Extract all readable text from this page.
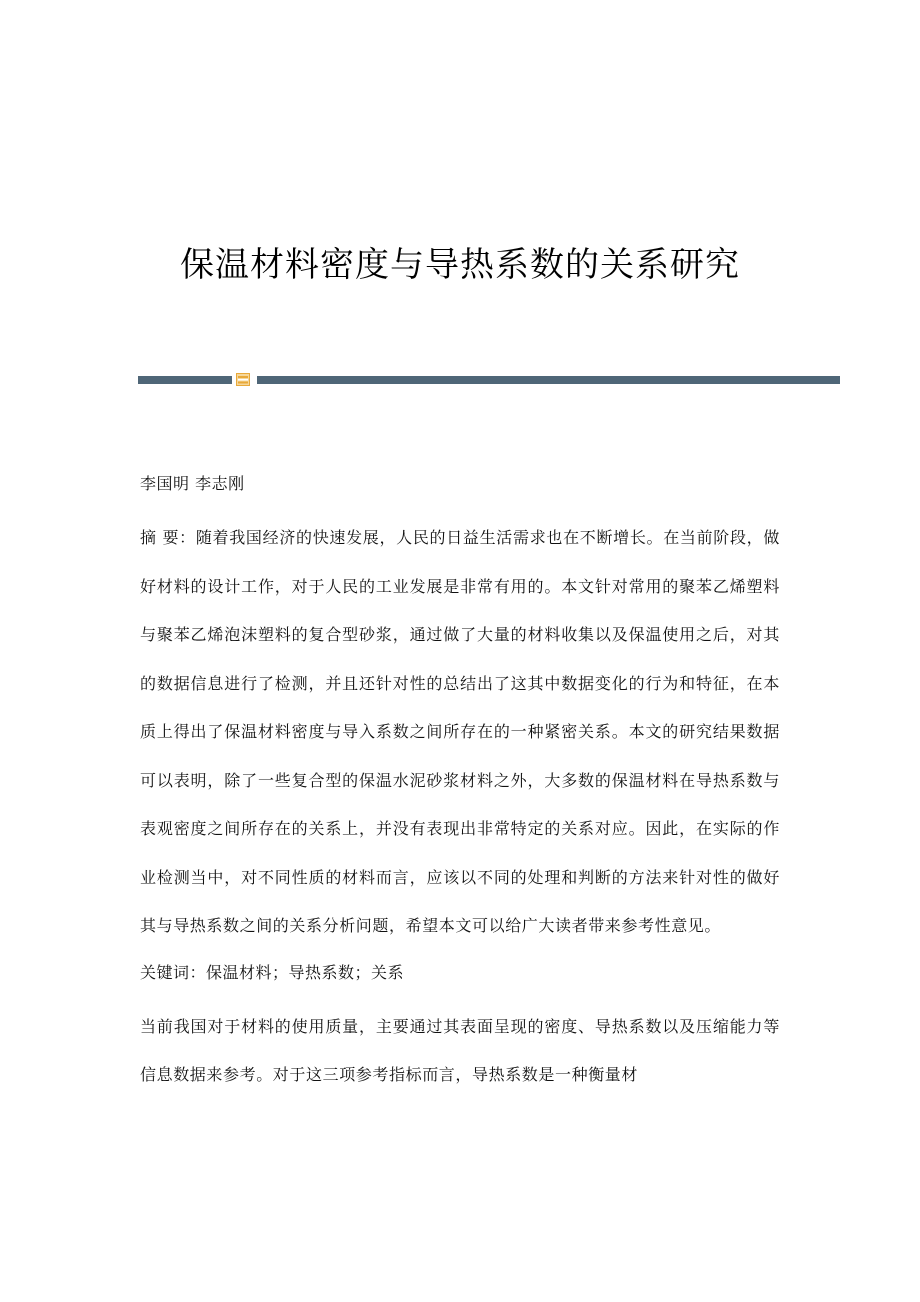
保温材料密度与导热系数的关系研究

李国明 李志刚

摘 要：随着我国经济的快速发展，人民的日益生活需求也在不断增长。在当前阶段，做好材料的设计工作，对于人民的工业发展是非常有用的。本文针对常用的聚苯乙烯塑料与聚苯乙烯泡沫塑料的复合型砂浆，通过做了大量的材料收集以及保温使用之后，对其的数据信息进行了检测，并且还针对性的总结出了这其中数据变化的行为和特征，在本质上得出了保温材料密度与导入系数之间所存在的一种紧密关系。本文的研究结果数据可以表明，除了一些复合型的保温水泥砂浆材料之外，大多数的保温材料在导热系数与表观密度之间所存在的关系上，并没有表现出非常特定的关系对应。因此，在实际的作业检测当中，对不同性质的材料而言，应该以不同的处理和判断的方法来针对性的做好其与导热系数之间的关系分析问题，希望本文可以给广大读者带来参考性意见。

关键词：保温材料；导热系数；关系

当前我国对于材料的使用质量，主要通过其表面呈现的密度、导热系数以及压缩能力等信息数据来参考。对于这三项参考指标而言，导热系数是一种衡量材
